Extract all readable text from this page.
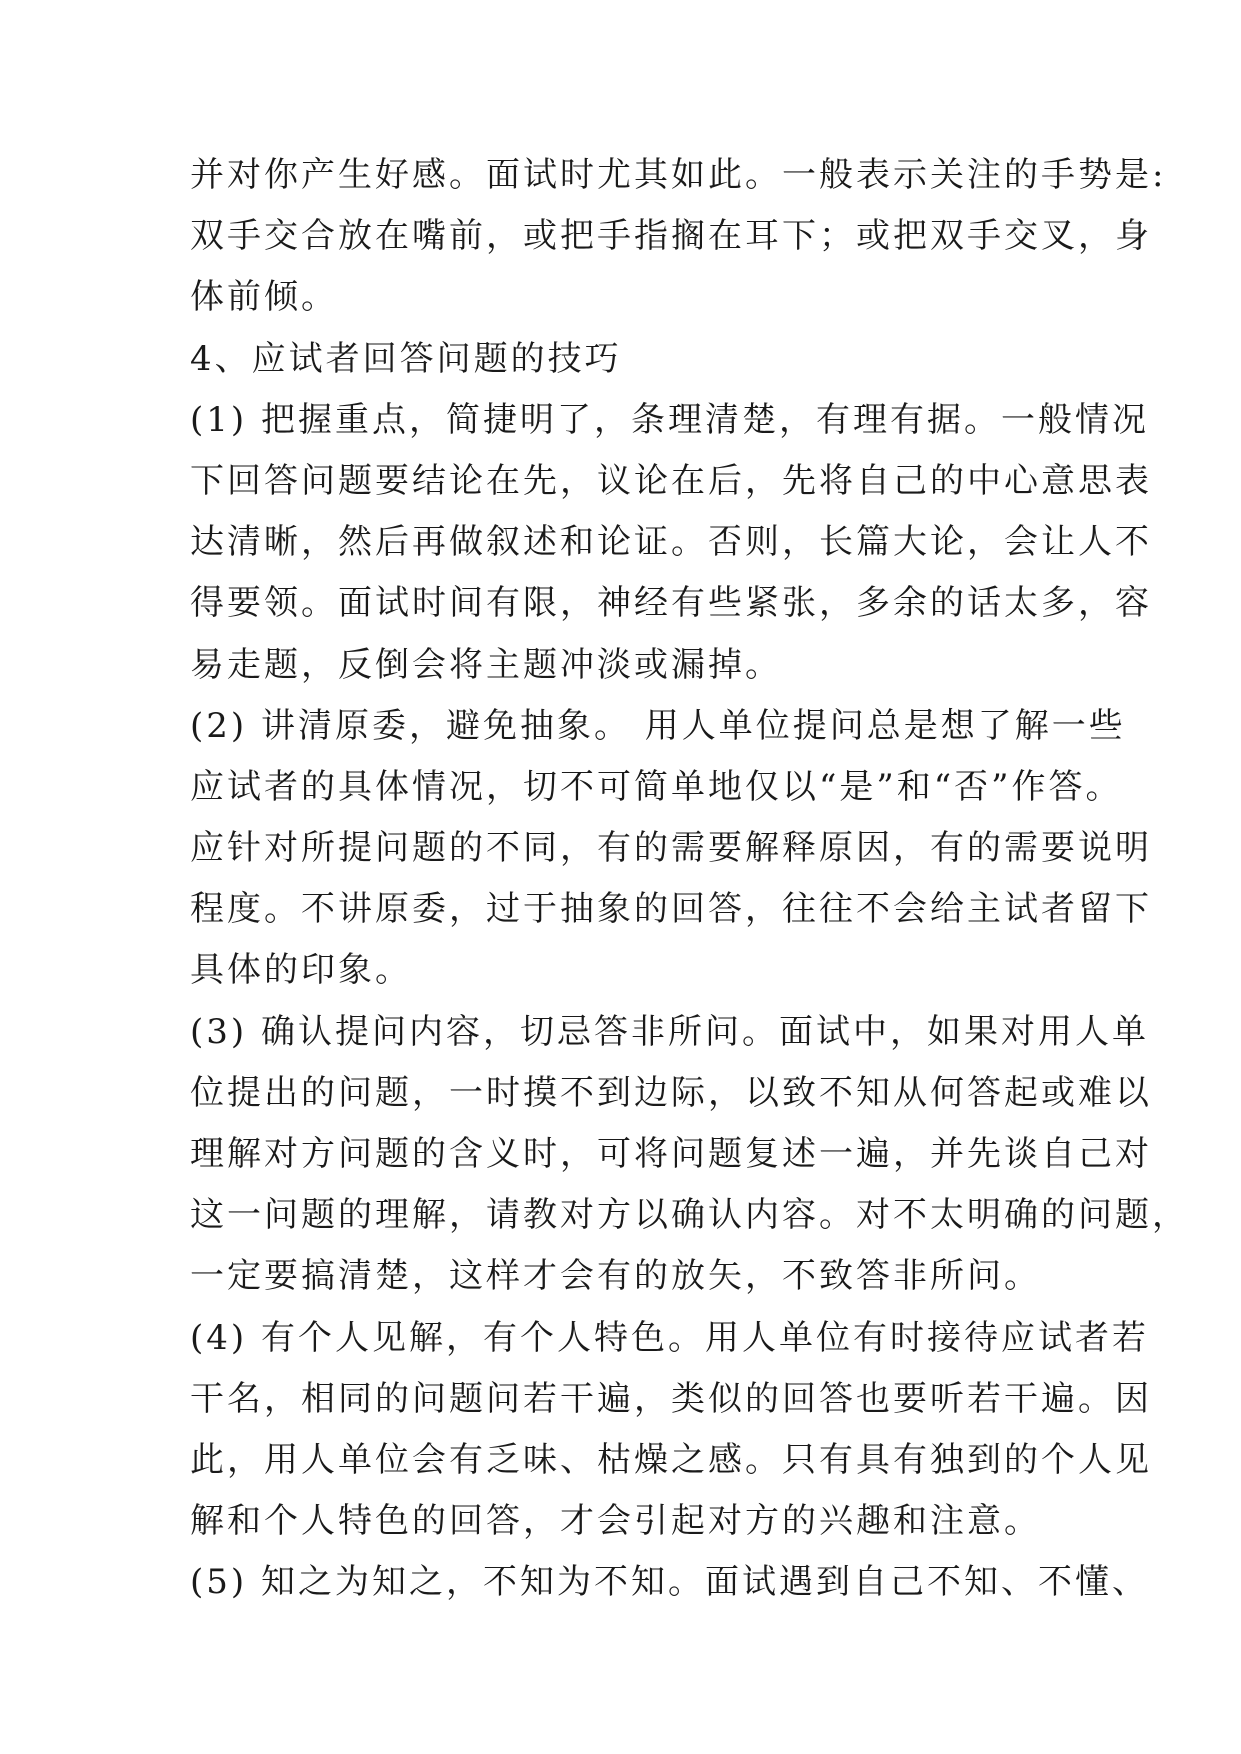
并对你产生好感。面试时尤其如此。一般表示关注的手势是:
双手交合放在嘴前，或把手指搁在耳下；或把双手交叉，身
体前倾。
4、应试者回答问题的技巧
(1) 把握重点，简捷明了，条理清楚，有理有据。一般情况
下回答问题要结论在先，议论在后，先将自己的中心意思表
达清晰，然后再做叙述和论证。否则，长篇大论，会让人不
得要领。面试时间有限，神经有些紧张，多余的话太多，容
易走题，反倒会将主题冲淡或漏掉。
(2) 讲清原委，避免抽象。 用人单位提问总是想了解一些
应试者的具体情况，切不可简单地仅以“是”和“否”作答。
应针对所提问题的不同，有的需要解释原因，有的需要说明
程度。不讲原委，过于抽象的回答，往往不会给主试者留下
具体的印象。
(3) 确认提问内容，切忌答非所问。面试中，如果对用人单
位提出的问题，一时摸不到边际，以致不知从何答起或难以
理解对方问题的含义时，可将问题复述一遍，并先谈自己对
这一问题的理解，请教对方以确认内容。对不太明确的问题，
一定要搞清楚，这样才会有的放矢，不致答非所问。
(4) 有个人见解，有个人特色。用人单位有时接待应试者若
干名，相同的问题问若干遍，类似的回答也要听若干遍。因
此，用人单位会有乏味、枯燥之感。只有具有独到的个人见
解和个人特色的回答，才会引起对方的兴趣和注意。
(5) 知之为知之，不知为不知。面试遇到自己不知、不懂、
